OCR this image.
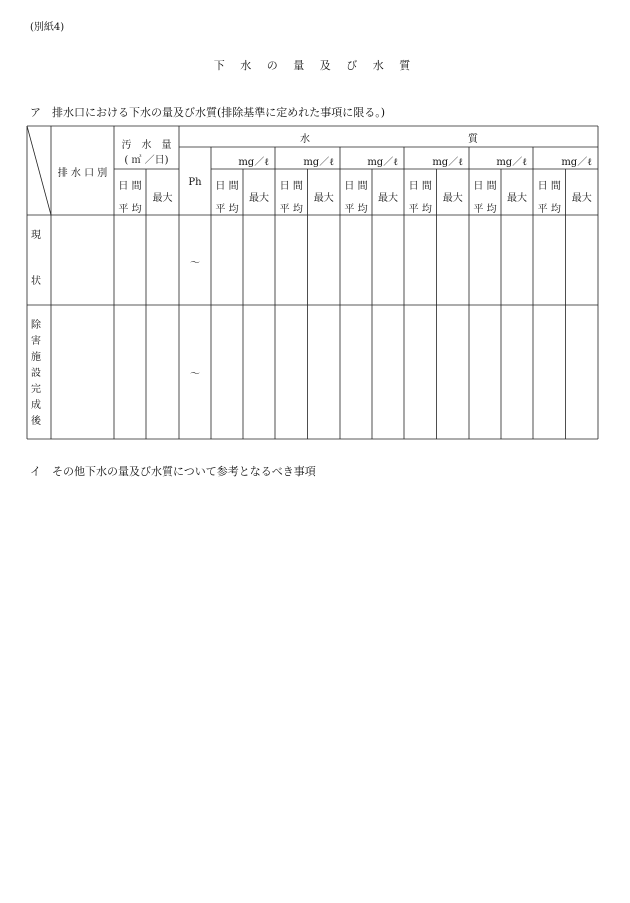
(別紙4)
下 水 の 量 及 び 水 質
ア　排水口における下水の量及び水質(排除基準に定めれた事項に限る。)
排 水 口 別
汚　水　量
( ㎥ ／日)
日 間
平 均
最大
水	質
Ph
～
～
mg／ℓ
日 間
平 均
最大
mg／ℓ
日 間
平 均
最大
mg／ℓ
日 間
平 均
最大
mg／ℓ
日 間
平 均
最大
mg／ℓ
日 間
平 均
最大
mg／ℓ
日 間
平 均
最大
現
状
除
害
施
設
完
成
後
イ　その他下水の量及び水質について参考となるべき事項
